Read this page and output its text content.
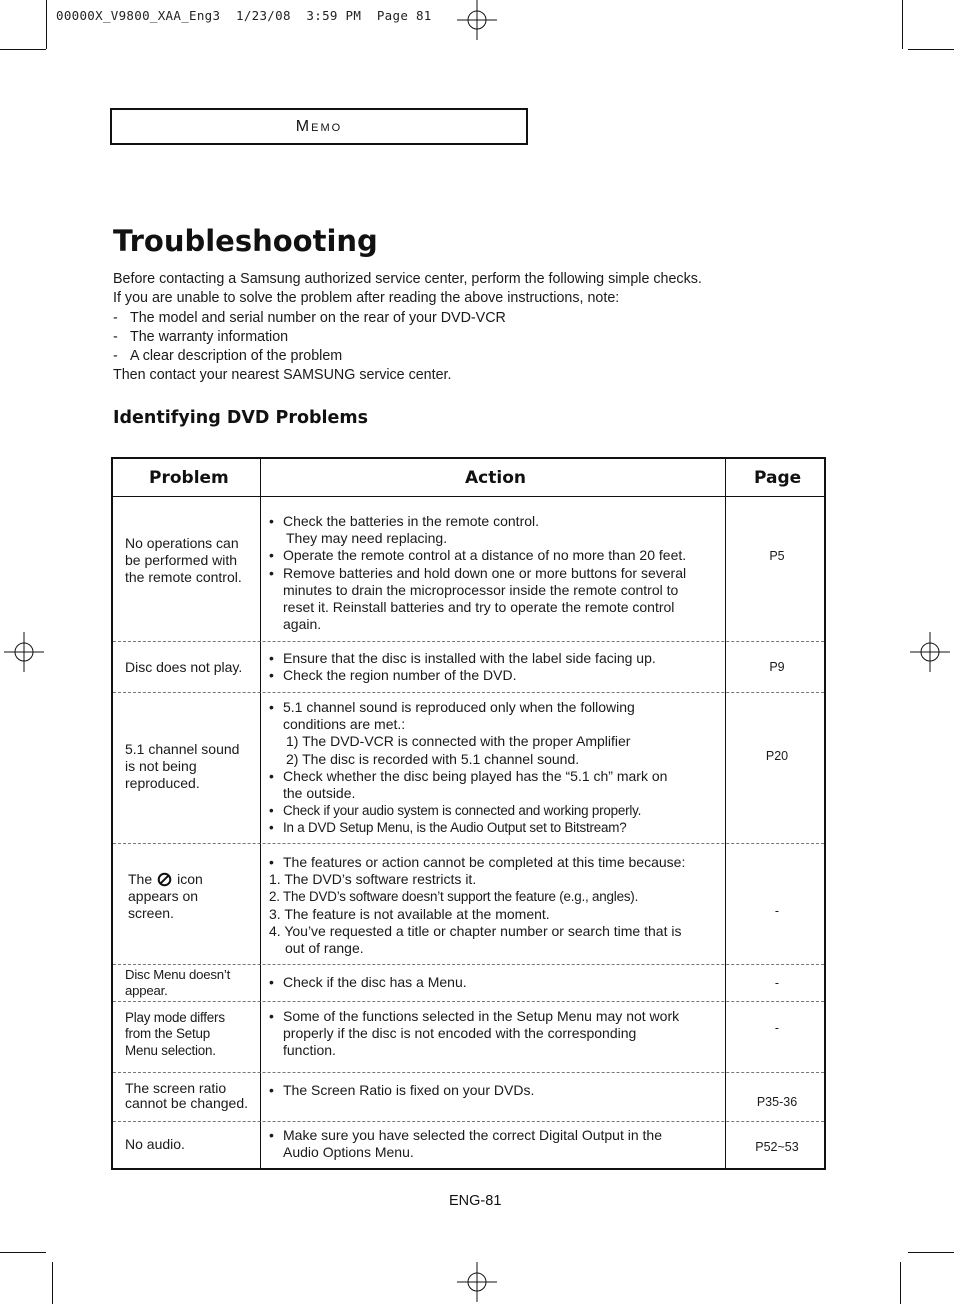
00000X_V9800_XAA_Eng3  1/23/08  3:59 PM  Page 81
MEMO
Troubleshooting
Before contacting a Samsung authorized service center, perform the following simple checks.
If you are unable to solve the problem after reading the above instructions, note:
- The model and serial number on the rear of your DVD-VCR
- The warranty information
- A clear description of the problem
Then contact your nearest SAMSUNG service center.
Identifying DVD Problems
Problem	Action	Page
No operations can
be performed with
the remote control.
• Check the batteries in the remote control.
They may need replacing.
• Operate the remote control at a distance of no more than 20 feet.
• Remove batteries and hold down one or more buttons for several
minutes to drain the microprocessor inside the remote control to
reset it. Reinstall batteries and try to operate the remote control
again.
P5
Disc does not play.
• Ensure that the disc is installed with the label side facing up.
• Check the region number of the DVD.
P9
5.1 channel sound
is not being
reproduced.
• 5.1 channel sound is reproduced only when the following
conditions are met.:
1) The DVD-VCR is connected with the proper Amplifier
2) The disc is recorded with 5.1 channel sound.
• Check whether the disc being played has the “5.1 ch” mark on
the outside.
• Check if your audio system is connected and working properly.
• In a DVD Setup Menu, is the Audio Output set to Bitstream?
P20
The icon
appears on
screen.
• The features or action cannot be completed at this time because:
1. The DVD’s software restricts it.
2. The DVD’s software doesn’t support the feature (e.g., angles).
3. The feature is not available at the moment.
4. You’ve requested a title or chapter number or search time that is
out of range.
-
Disc Menu doesn’t
appear.
•	Check if the disc has a Menu.	-
Play mode differs
from the Setup
Menu selection.
• Some of the functions selected in the Setup Menu may not work
properly if the disc is not encoded with the corresponding
function.
-
The screen ratio
cannot be changed.
• The Screen Ratio is fixed on your DVDs.
P35-36
No audio.
• Make sure you have selected the correct Digital Output in the
Audio Options Menu.	P52~53
ENG-81
